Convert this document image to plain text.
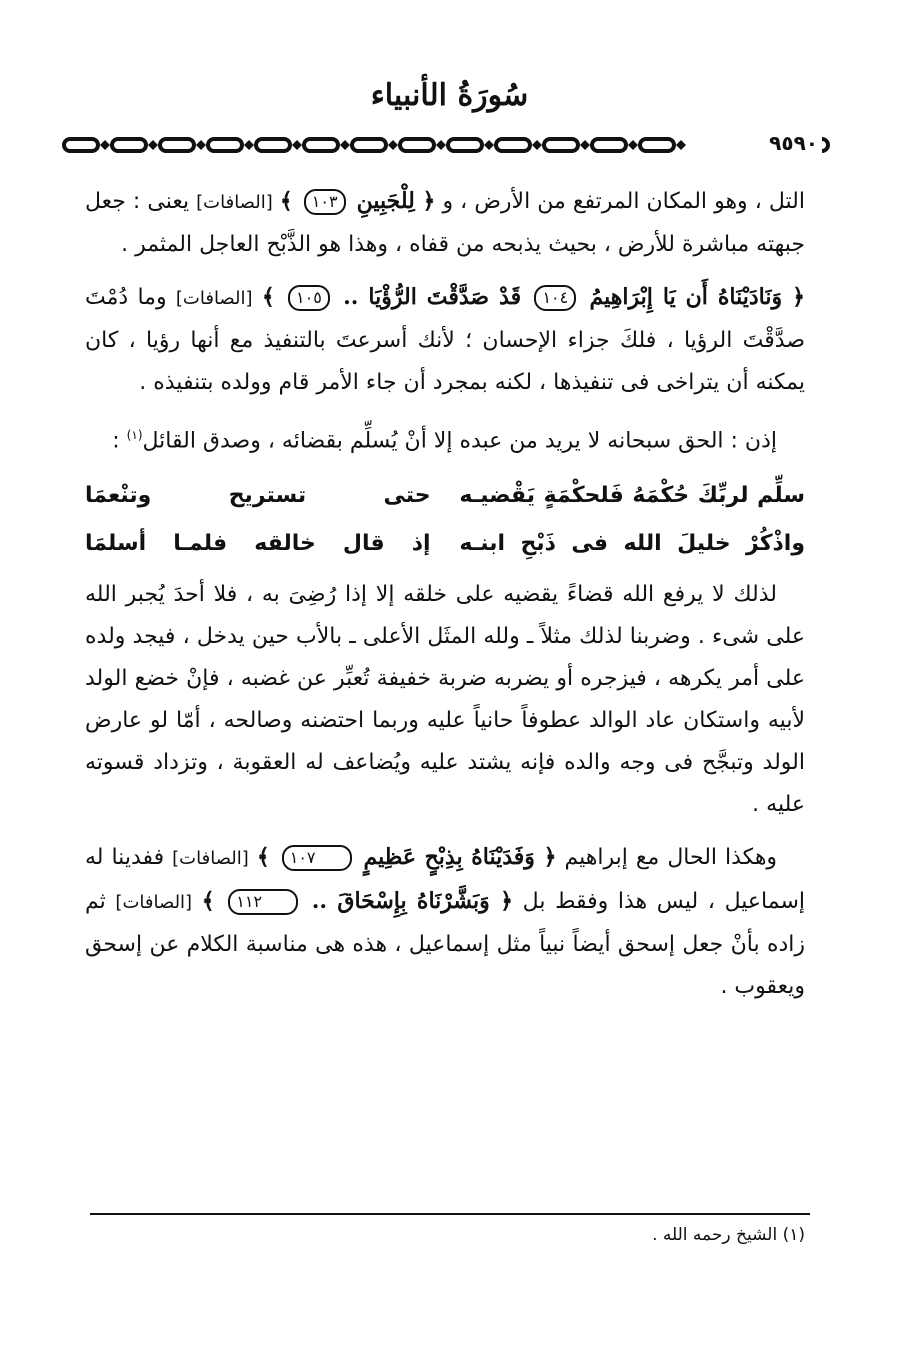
سُورَةُ الأنبياء
٩٥٩٠

التل ، وهو المكان المرتفع من الأرض ، و ﴿ لِلْجَبِينِ ١٠٣ ﴾ [الصافات] يعنى : جعل جبهته مباشرة للأرض ، بحيث يذبحه من قفاه ، وهذا هو الذَّبْح العاجل المثمر .

﴿ وَنَادَيْنَاهُ أَن يَا إِبْرَاهِيمُ ١٠٤ قَدْ صَدَّقْتَ الرُّؤْيَا .. ١٠٥ ﴾ [الصافات] وما دُمْتَ صدَّقْتَ الرؤيا ، فلكَ جزاء الإحسان ؛ لأنك أسرعتَ بالتنفيذ مع أنها رؤيا ، كان يمكنه أن يتراخى فى تنفيذها ، لكنه بمجرد أن جاء الأمر قام وولده بتنفيذه .

إذن : الحق سبحانه لا يريد من عبده إلا أنْ يُسلِّم بقضائه ، وصدق القائل$^{(١)}$ :

سلِّم لربِّكَ حُكْمَهُ فَلحكْمَةٍ يَقْضيـه
حتى تستريح وتنْعمَا
واذْكُرْ خليلَ الله فى ذَبْحِ ابنـه
إذ قال خالقه فلمـا أسلمَا

لذلك لا يرفع الله قضاءً يقضيه على خلقه إلا إذا رُضِىَ به ، فلا أحدَ يُجبر الله على شىء . وضربنا لذلك مثلاً ـ ولله المثَل الأعلى ـ بالأب حين يدخل ، فيجد ولده على أمر يكرهه ، فيزجره أو يضربه ضربة خفيفة تُعبِّر عن غضبه ، فإنْ خضع الولد لأبيه واستكان عاد الوالد عطوفاً حانياً عليه وربما احتضنه وصالحه ، أمّا لو عارض الولد وتبجَّح فى وجه والده فإنه يشتد عليه ويُضاعف له العقوبة ، وتزداد قسوته عليه .

وهكذا الحال مع إبراهيم ﴿ وَفَدَيْنَاهُ بِذِبْحٍ عَظِيمٍ ١٠٧ ﴾ [الصافات] ففدينا له إسماعيل ، ليس هذا وفقط بل ﴿ وَبَشَّرْنَاهُ بِإِسْحَاقَ .. ١١٢ ﴾ [الصافات] ثم زاده بأنْ جعل إسحق أيضاً نبياً مثل إسماعيل ، هذه هى مناسبة الكلام عن إسحق ويعقوب .

(١) الشيخ رحمه الله .
